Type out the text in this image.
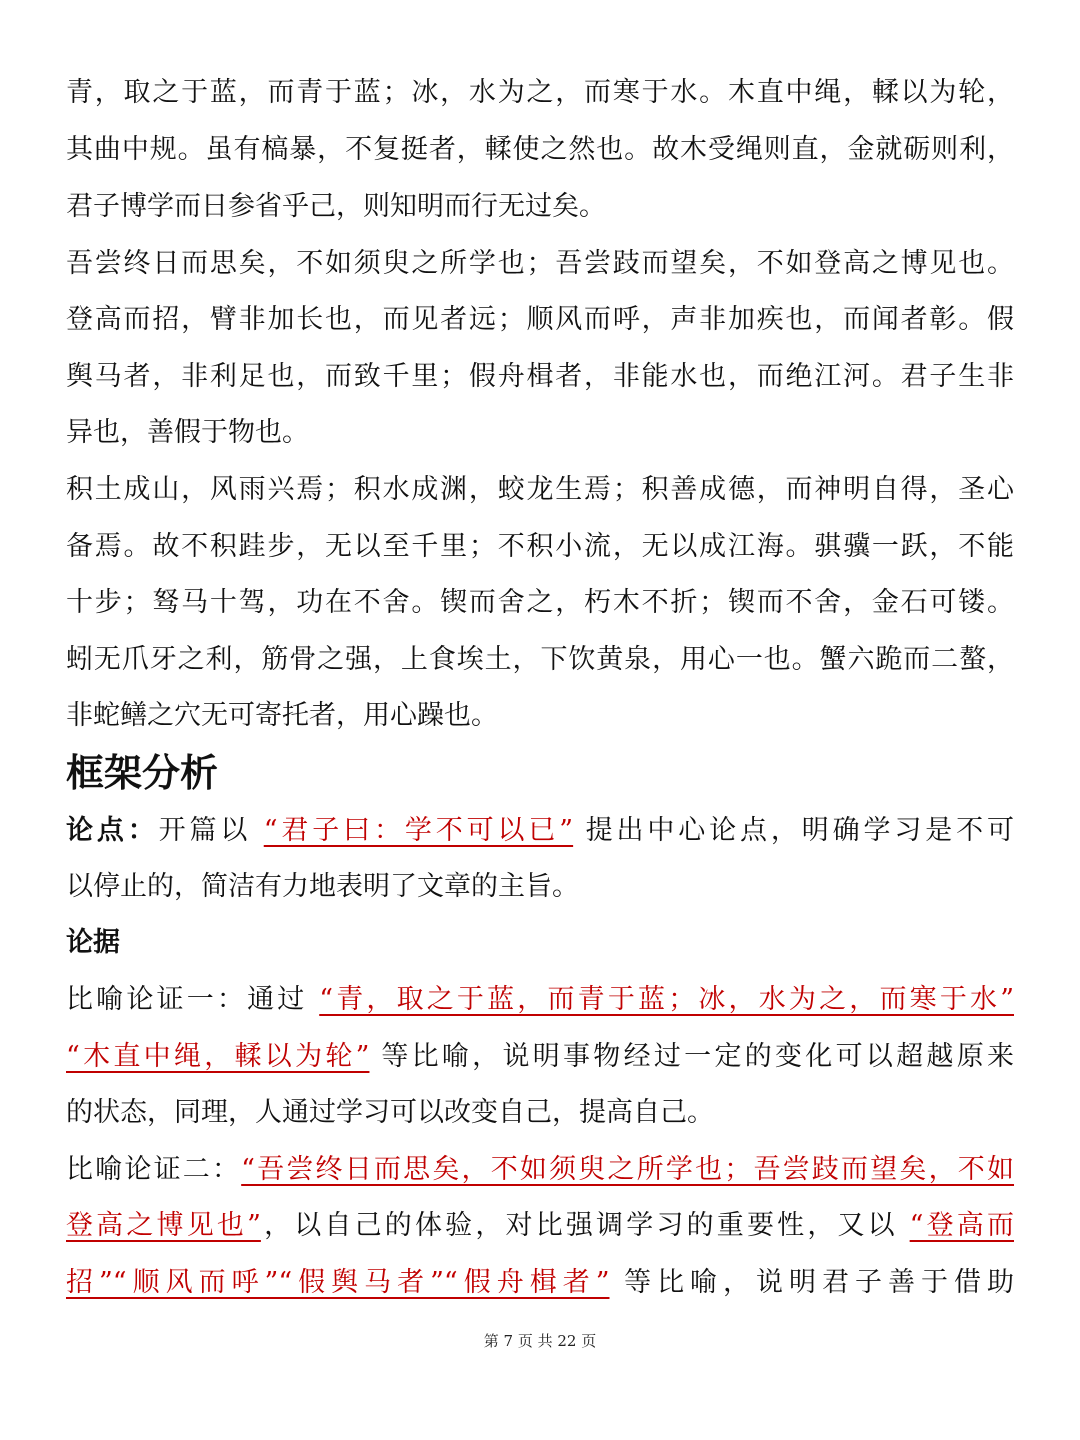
青，取之于蓝，而青于蓝；冰，水为之，而寒于水。木直中绳，輮以为轮，
其曲中规。虽有槁暴，不复挺者，輮使之然也。故木受绳则直，金就砺则利，
君子博学而日参省乎己，则知明而行无过矣。
吾尝终日而思矣，不如须臾之所学也；吾尝跂而望矣，不如登高之博见也。
登高而招，臂非加长也，而见者远；顺风而呼，声非加疾也，而闻者彰。假
舆马者，非利足也，而致千里；假舟楫者，非能水也，而绝江河。君子生非
异也，善假于物也。
积土成山，风雨兴焉；积水成渊，蛟龙生焉；积善成德，而神明自得，圣心
备焉。故不积跬步，无以至千里；不积小流，无以成江海。骐骥一跃，不能
十步；驽马十驾，功在不舍。锲而舍之，朽木不折；锲而不舍，金石可镂。
蚓无爪牙之利，筋骨之强，上食埃土，下饮黄泉，用心一也。蟹六跪而二螯，
非蛇鳝之穴无可寄托者，用心躁也。
框架分析
论点：开篇以 “君子曰：学不可以已” 提出中心论点，明确学习是不可
以停止的，简洁有力地表明了文章的主旨。
论据
比喻论证一：通过 “青，取之于蓝，而青于蓝；冰，水为之，而寒于水”
“木直中绳，輮以为轮” 等比喻，说明事物经过一定的变化可以超越原来
的状态，同理，人通过学习可以改变自己，提高自己。
比喻论证二：“吾尝终日而思矣，不如须臾之所学也；吾尝跂而望矣，不如
登高之博见也”，以自己的体验，对比强调学习的重要性，又以 “登高而
招”“顺风而呼”“假舆马者”“假舟楫者” 等比喻，说明君子善于借助
第 7 页 共 22 页
